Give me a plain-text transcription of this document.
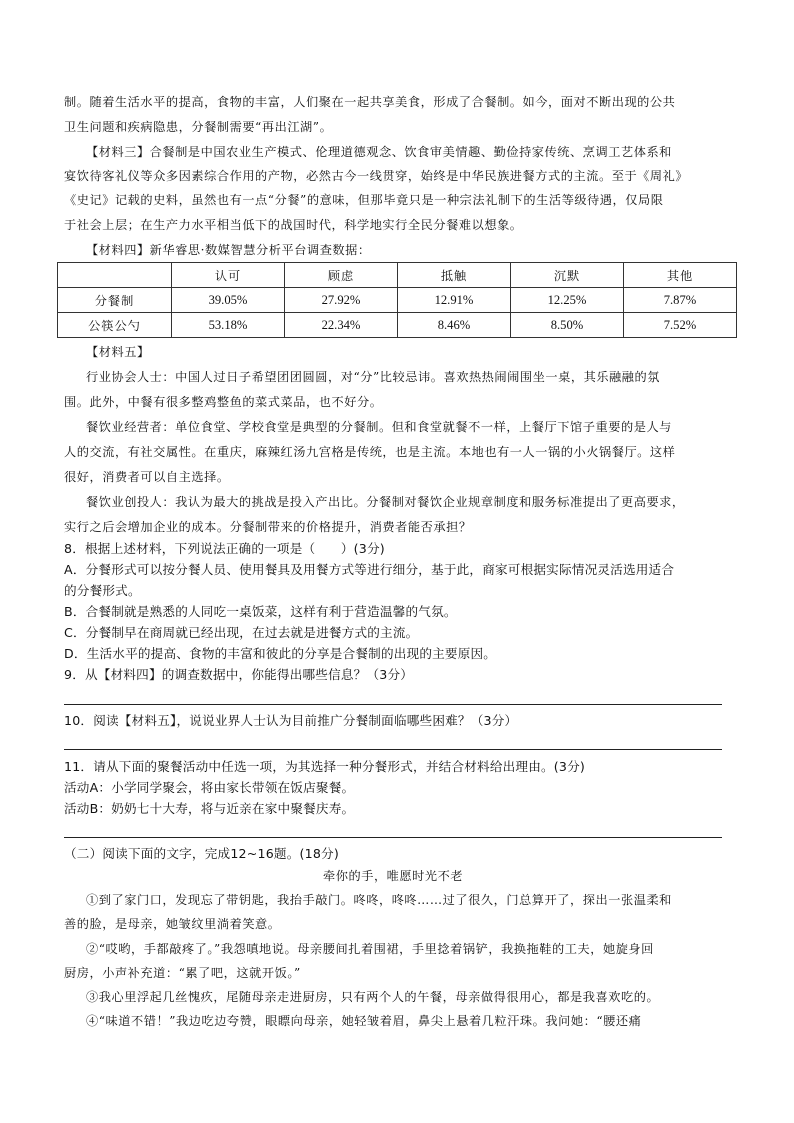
制。随着生活水平的提高，食物的丰富，人们聚在一起共享美食，形成了合餐制。如今，面对不断出现的公共
卫生问题和疾病隐患，分餐制需要“再出江湖”。
【材料三】合餐制是中国农业生产模式、伦理道德观念、饮食审美情趣、勤俭持家传统、烹调工艺体系和
宴饮待客礼仪等众多因素综合作用的产物，必然古今一线贯穿，始终是中华民族进餐方式的主流。至于《周礼》
《史记》记载的史料，虽然也有一点“分餐”的意味，但那毕竟只是一种宗法礼制下的生活等级待遇，仅局限
于社会上层；在生产力水平相当低下的战国时代，科学地实行全民分餐难以想象。
【材料四】新华睿思·数媒智慧分析平台调查数据：
	认可	顾虑	抵触	沉默	其他
分餐制	39.05%	27.92%	12.91%	12.25%	7.87%
公筷公勺	53.18%	22.34%	8.46%	8.50%	7.52%
【材料五】
行业协会人士：中国人过日子希望团团圆圆，对“分”比较忌讳。喜欢热热闹闹围坐一桌，其乐融融的氛
围。此外，中餐有很多整鸡整鱼的菜式菜品，也不好分。
餐饮业经营者：单位食堂、学校食堂是典型的分餐制。但和食堂就餐不一样，上餐厅下馆子重要的是人与
人的交流，有社交属性。在重庆，麻辣红汤九宫格是传统，也是主流。本地也有一人一锅的小火锅餐厅。这样
很好，消费者可以自主选择。
餐饮业创投人：我认为最大的挑战是投入产出比。分餐制对餐饮企业规章制度和服务标准提出了更高要求，
实行之后会增加企业的成本。分餐制带来的价格提升，消费者能否承担？
8．根据上述材料，下列说法正确的一项是（　　）(3分)
A．分餐形式可以按分餐人员、使用餐具及用餐方式等进行细分，基于此，商家可根据实际情况灵活选用适合
的分餐形式。
B．合餐制就是熟悉的人同吃一桌饭菜，这样有利于营造温馨的气氛。
C．分餐制早在商周就已经出现，在过去就是进餐方式的主流。
D．生活水平的提高、食物的丰富和彼此的分享是合餐制的出现的主要原因。
9．从【材料四】的调查数据中，你能得出哪些信息？（3分）
10．阅读【材料五】，说说业界人士认为目前推广分餐制面临哪些困难？（3分）
11．请从下面的聚餐活动中任选一项，为其选择一种分餐形式，并结合材料给出理由。(3分)
活动A：小学同学聚会，将由家长带领在饭店聚餐。
活动B：奶奶七十大寿，将与近亲在家中聚餐庆寿。
（二）阅读下面的文字，完成12~16题。(18分)
牵你的手，唯愿时光不老
①到了家门口，发现忘了带钥匙，我抬手敲门。咚咚，咚咚……过了很久，门总算开了，探出一张温柔和
善的脸，是母亲，她皱纹里淌着笑意。
②“哎哟，手都敲疼了。”我怨嗔地说。母亲腰间扎着围裙，手里捻着锅铲，我换拖鞋的工夫，她旋身回
厨房，小声补充道：“累了吧，这就开饭。”
③我心里浮起几丝愧疚，尾随母亲走进厨房，只有两个人的午餐，母亲做得很用心，都是我喜欢吃的。
④“味道不错！”我边吃边夸赞，眼瞟向母亲，她轻皱着眉，鼻尖上悬着几粒汗珠。我问她：“腰还痛
